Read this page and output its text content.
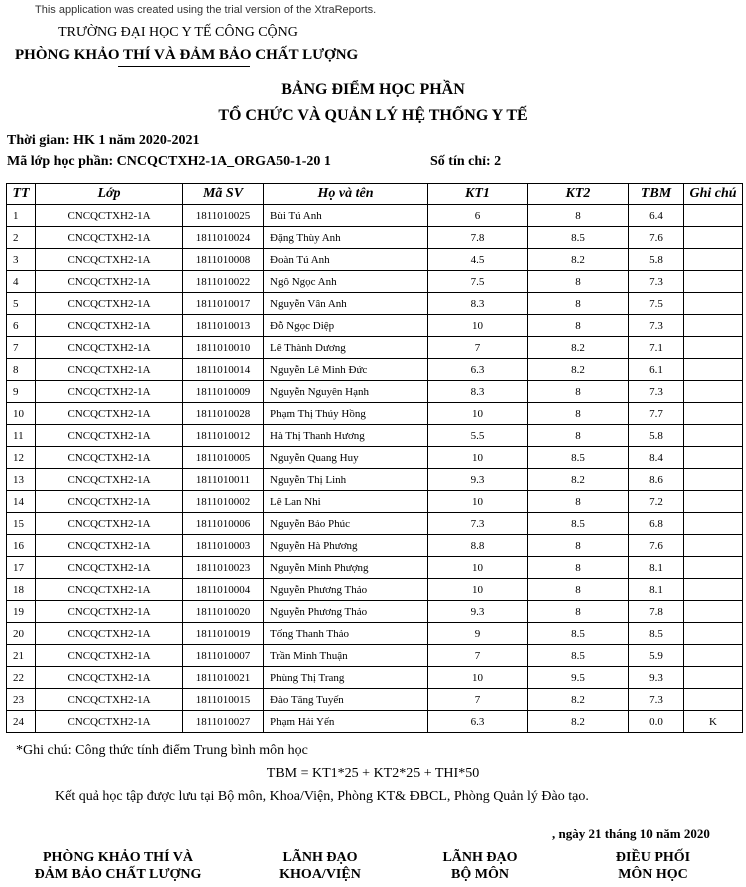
This application was created using the trial version of the XtraReports.
TRƯỜNG ĐẠI HỌC Y TẾ CÔNG CỘNG
PHÒNG KHẢO THÍ VÀ ĐẢM BẢO CHẤT LƯỢNG
BẢNG ĐIỂM HỌC PHẦN
TỔ CHỨC VÀ QUẢN LÝ HỆ THỐNG Y TẾ
Thời gian: HK 1 năm 2020-2021
Mã lớp học phần: CNCQCTXH2-1A_ORGA50-1-20 1	Số tín chỉ: 2
TT	Lớp	Mã SV	Họ và tên	KT1	KT2	TBM	Ghi chú
1	CNCQCTXH2-1A	1811010025	Bùi Tú Anh	6	8	6.4	
2	CNCQCTXH2-1A	1811010024	Đặng Thùy Anh	7.8	8.5	7.6	
3	CNCQCTXH2-1A	1811010008	Đoàn Tú Anh	4.5	8.2	5.8	
4	CNCQCTXH2-1A	1811010022	Ngô Ngọc Anh	7.5	8	7.3	
5	CNCQCTXH2-1A	1811010017	Nguyễn Vân Anh	8.3	8	7.5	
6	CNCQCTXH2-1A	1811010013	Đỗ Ngọc Diệp	10	8	7.3	
7	CNCQCTXH2-1A	1811010010	Lê Thành Dương	7	8.2	7.1	
8	CNCQCTXH2-1A	1811010014	Nguyễn Lê Minh Đức	6.3	8.2	6.1	
9	CNCQCTXH2-1A	1811010009	Nguyễn Nguyên Hạnh	8.3	8	7.3	
10	CNCQCTXH2-1A	1811010028	Phạm Thị Thúy Hồng	10	8	7.7	
11	CNCQCTXH2-1A	1811010012	Hà Thị Thanh Hương	5.5	8	5.8	
12	CNCQCTXH2-1A	1811010005	Nguyễn Quang Huy	10	8.5	8.4	
13	CNCQCTXH2-1A	1811010011	Nguyễn Thị Linh	9.3	8.2	8.6	
14	CNCQCTXH2-1A	1811010002	Lê Lan Nhi	10	8	7.2	
15	CNCQCTXH2-1A	1811010006	Nguyễn Bảo Phúc	7.3	8.5	6.8	
16	CNCQCTXH2-1A	1811010003	Nguyễn Hà Phương	8.8	8	7.6	
17	CNCQCTXH2-1A	1811010023	Nguyễn Minh Phượng	10	8	8.1	
18	CNCQCTXH2-1A	1811010004	Nguyễn Phương Thảo	10	8	8.1	
19	CNCQCTXH2-1A	1811010020	Nguyễn Phương Thảo	9.3	8	7.8	
20	CNCQCTXH2-1A	1811010019	Tống Thanh Thảo	9	8.5	8.5	
21	CNCQCTXH2-1A	1811010007	Trần Minh Thuận	7	8.5	5.9	
22	CNCQCTXH2-1A	1811010021	Phùng Thị Trang	10	9.5	9.3	
23	CNCQCTXH2-1A	1811010015	Đào Tăng Tuyến	7	8.2	7.3	
24	CNCQCTXH2-1A	1811010027	Phạm Hải Yến	6.3	8.2	0.0	K
*Ghi chú: Công thức tính điểm Trung bình môn học
TBM = KT1*25 + KT2*25 + THI*50
Kết quả học tập được lưu tại Bộ môn, Khoa/Viện, Phòng KT& ĐBCL, Phòng Quản lý Đào tạo.
, ngày 21 tháng 10 năm 2020
PHÒNG KHẢO THÍ VÀ
ĐẢM BẢO CHẤT LƯỢNG
LÃNH ĐẠO
KHOA/VIỆN
LÃNH ĐẠO
BỘ MÔN
ĐIỀU PHỐI
MÔN HỌC
